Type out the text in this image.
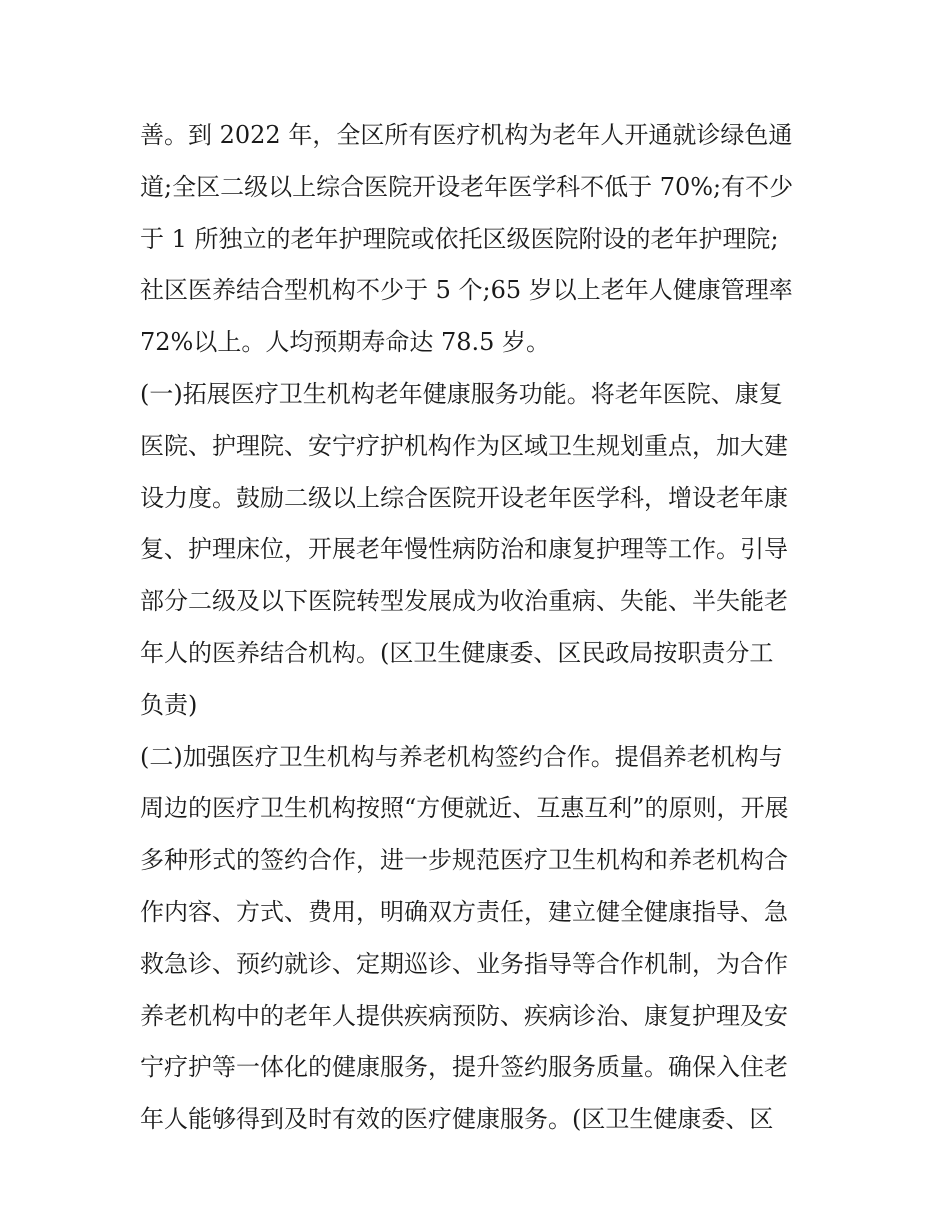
善。到 2022 年，全区所有医疗机构为老年人开通就诊绿色通
道;全区二级以上综合医院开设老年医学科不低于 70%;有不少
于 1 所独立的老年护理院或依托区级医院附设的老年护理院;
社区医养结合型机构不少于 5 个;65 岁以上老年人健康管理率
72%以上。人均预期寿命达 78.5 岁。
(一)拓展医疗卫生机构老年健康服务功能。将老年医院、康复
医院、护理院、安宁疗护机构作为区域卫生规划重点，加大建
设力度。鼓励二级以上综合医院开设老年医学科，增设老年康
复、护理床位，开展老年慢性病防治和康复护理等工作。引导
部分二级及以下医院转型发展成为收治重病、失能、半失能老
年人的医养结合机构。(区卫生健康委、区民政局按职责分工
负责)
(二)加强医疗卫生机构与养老机构签约合作。提倡养老机构与
周边的医疗卫生机构按照“方便就近、互惠互利”的原则，开展
多种形式的签约合作，进一步规范医疗卫生机构和养老机构合
作内容、方式、费用，明确双方责任，建立健全健康指导、急
救急诊、预约就诊、定期巡诊、业务指导等合作机制，为合作
养老机构中的老年人提供疾病预防、疾病诊治、康复护理及安
宁疗护等一体化的健康服务，提升签约服务质量。确保入住老
年人能够得到及时有效的医疗健康服务。(区卫生健康委、区
